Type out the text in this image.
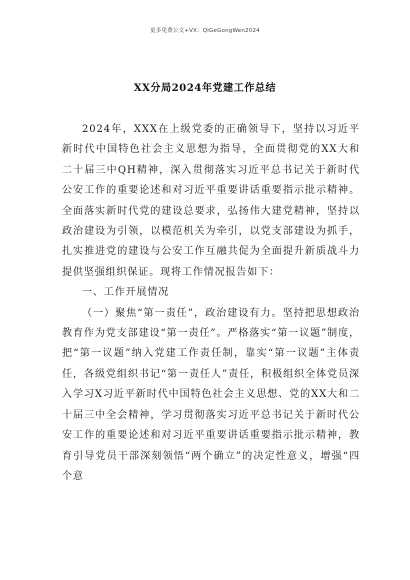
更多免费公文+VX：QiGeGongWen2024
XX分局2024年党建工作总结

2024年，XXX在上级党委的正确领导下，坚持以习近平新时代中国特色社会主义思想为指导，全面贯彻党的XX大和二十届三中QH精神，深入贯彻落实习近平总书记关于新时代公安工作的重要论述和对习近平重要讲话重要指示批示精神。全面落实新时代党的建设总要求，弘扬伟大建党精神，坚持以政治建设为引领，以模范机关为牵引，以党支部建设为抓手，扎实推进党的建设与公安工作互融共促为全面提升新质战斗力提供坚强组织保证。现将工作情况报告如下：

一、工作开展情况

（一）聚焦“第一责任”，政治建设有力。坚持把思想政治教育作为党支部建设“第一责任”。严格落实“第一议题”制度，把“第一议题”纳入党建工作责任制，靠实“第一议题”主体责任，各级党组织书记“第一责任人”责任，积极组织全体党员深入学习X习近平新时代中国特色社会主义思想、党的XX大和二十届三中全会精神，学习贯彻落实习近平总书记关于新时代公安工作的重要论述和对习近平重要讲话重要指示批示精神，教育引导党员干部深刻领悟“两个确立”的决定性意义，增强“四个意
